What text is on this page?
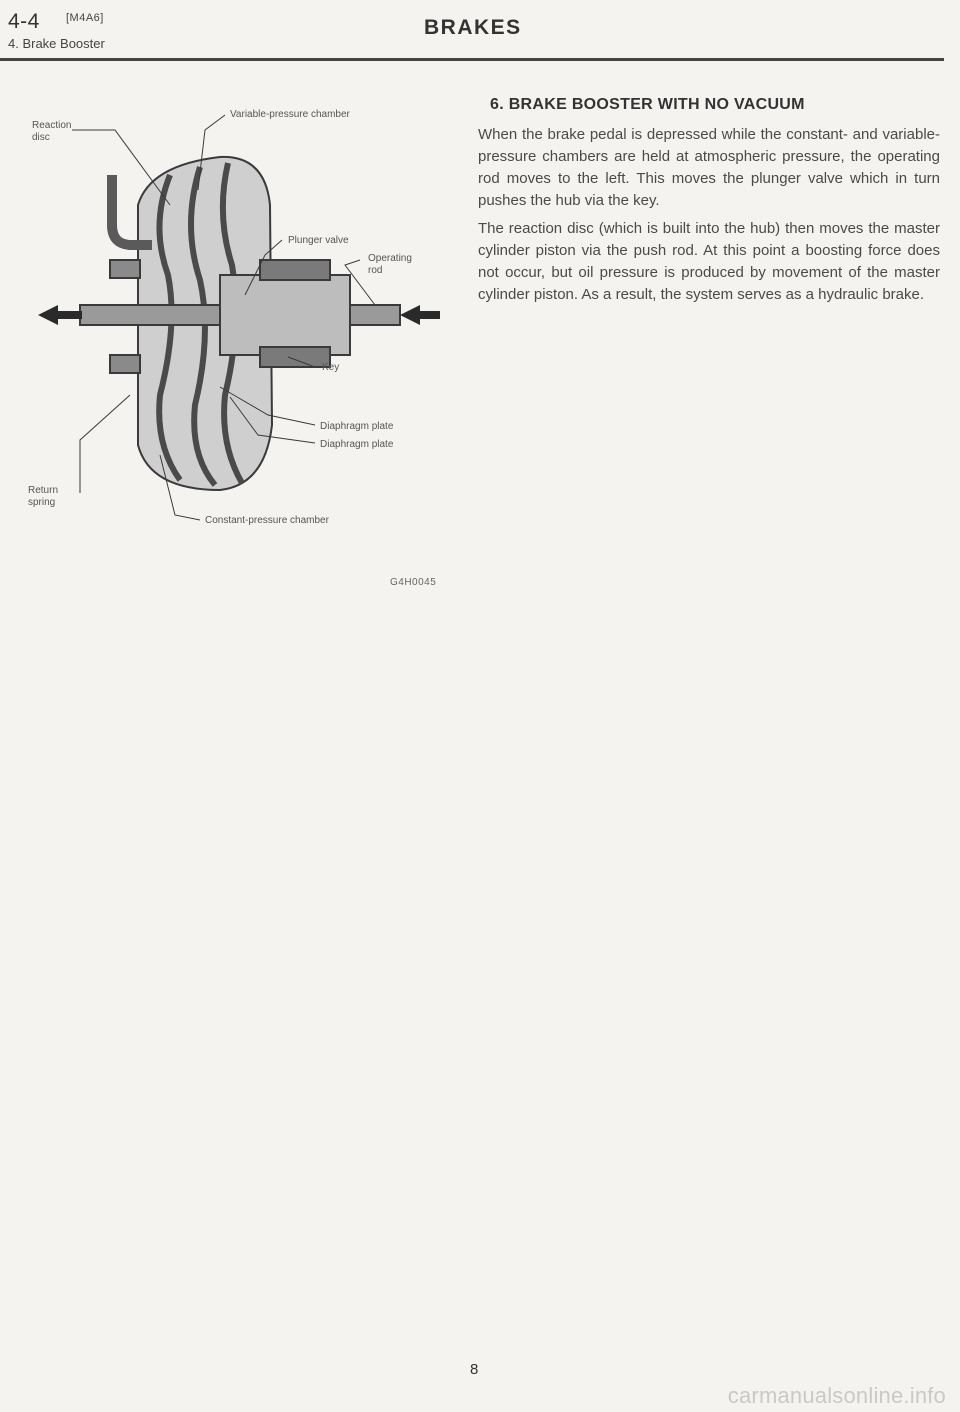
4-4 [M4A6]
4. Brake Booster
BRAKES
Reaction
disc
Variable-pressure chamber
Plunger valve
Operating
rod
Key
Diaphragm plate
Diaphragm plate
Return
spring
Constant-pressure chamber
G4H0045
6. BRAKE BOOSTER WITH NO VACUUM

When the brake pedal is depressed while the constant- and variable-pressure chambers are held at atmospheric pressure, the operating rod moves to the left. This moves the plunger valve which in turn pushes the hub via the key.

The reaction disc (which is built into the hub) then moves the master cylinder piston via the push rod. At this point a boosting force does not occur, but oil pressure is produced by movement of the master cylinder piston. As a result, the system serves as a hydraulic brake.

8
carmanualsonline.info
